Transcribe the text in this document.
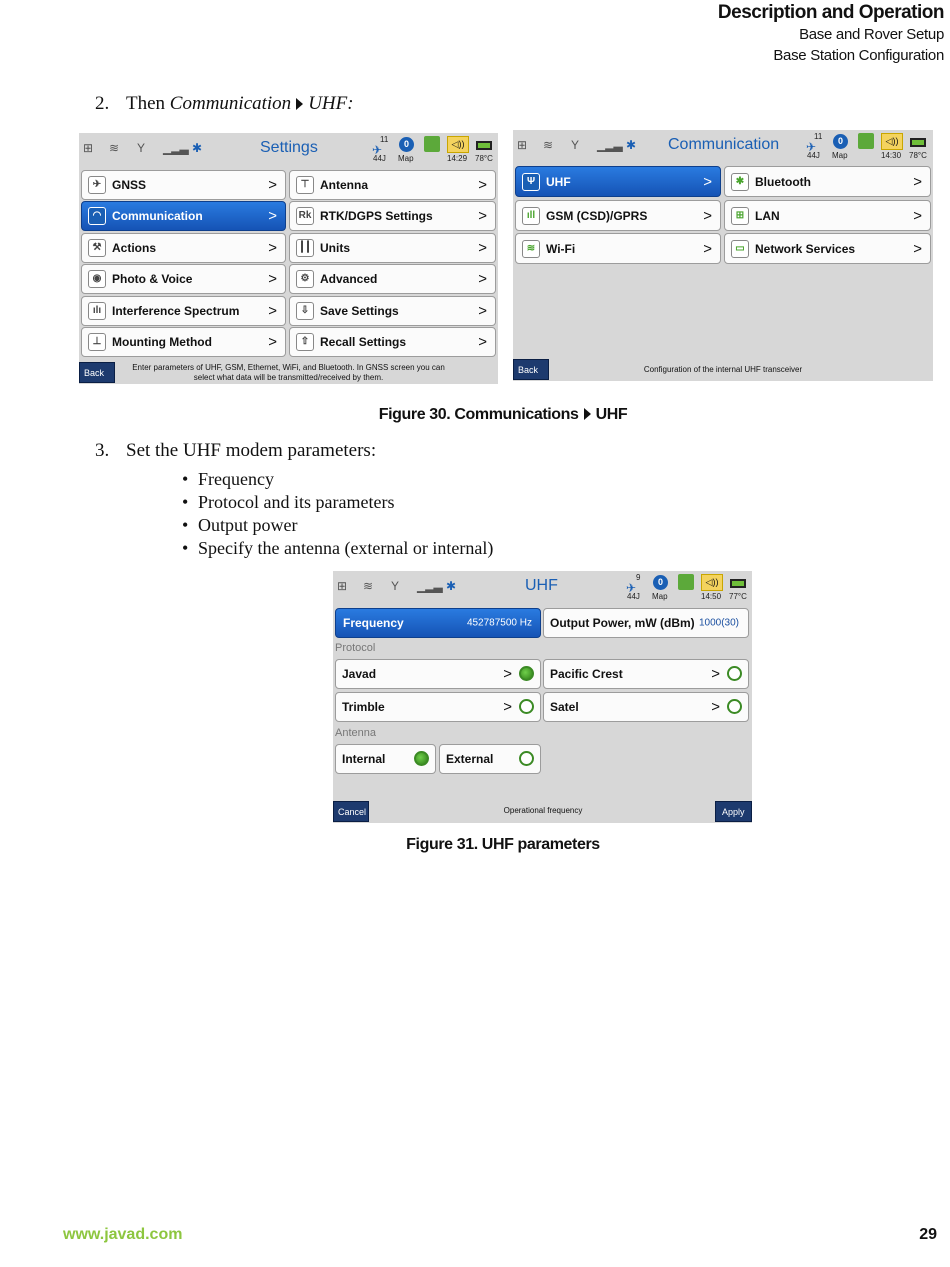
Description and Operation
Base and Rover Setup
Base Station Configuration
2. Then Communication UHF:
⊞ ≋ Y ▁▂▃ ✱	Settings	✈
11
44J
0
Map
◁))
14:29 78°C
✈ GNSS	>
◠ Communication	>
⚒ Actions	>
◉ Photo & Voice	>
ılı Interference Spectrum >
⊥ Mounting Method	>
⊤ Antenna	>
Rk RTK/DGPS Settings	>
┃┃ Units	>
⚙ Advanced	>
⇩ Save Settings	>
⇧ Recall Settings	>
Back
Enter parameters of UHF, GSM, Ethernet, WiFi, and Bluetooth. In GNSS screen you can select what data will be transmitted/received by them.
⊞ ≋ Y ▁▂▃ ✱ Communication ✈
11
44J
0
Map
◁))
14:30 78°C
Ψ UHF	>
ıll GSM (CSD)/GPRS	>
≋ Wi-Fi	>
✱ Bluetooth	>
⊞ LAN	>
▭ Network Services	>
Back	Configuration of the internal UHF transceiver
Figure 30. Communications UHF
3. Set the UHF modem parameters:
• Frequency
• Protocol and its parameters
• Output power
• Specify the antenna (external or internal)
⊞ ≋ Y ▁▂▃ ✱	UHF	✈
9
44J
0
Map
◁))
14:50 77°C
Frequency	452787500 Hz Output Power, mW (dBm) 1000(30)
Protocol
Javad	>	Pacific Crest	>
Trimble	>	Satel	>
Antenna
Internal	External
Cancel	Operational frequency	Apply
Figure 31. UHF parameters
www.javad.com	29
